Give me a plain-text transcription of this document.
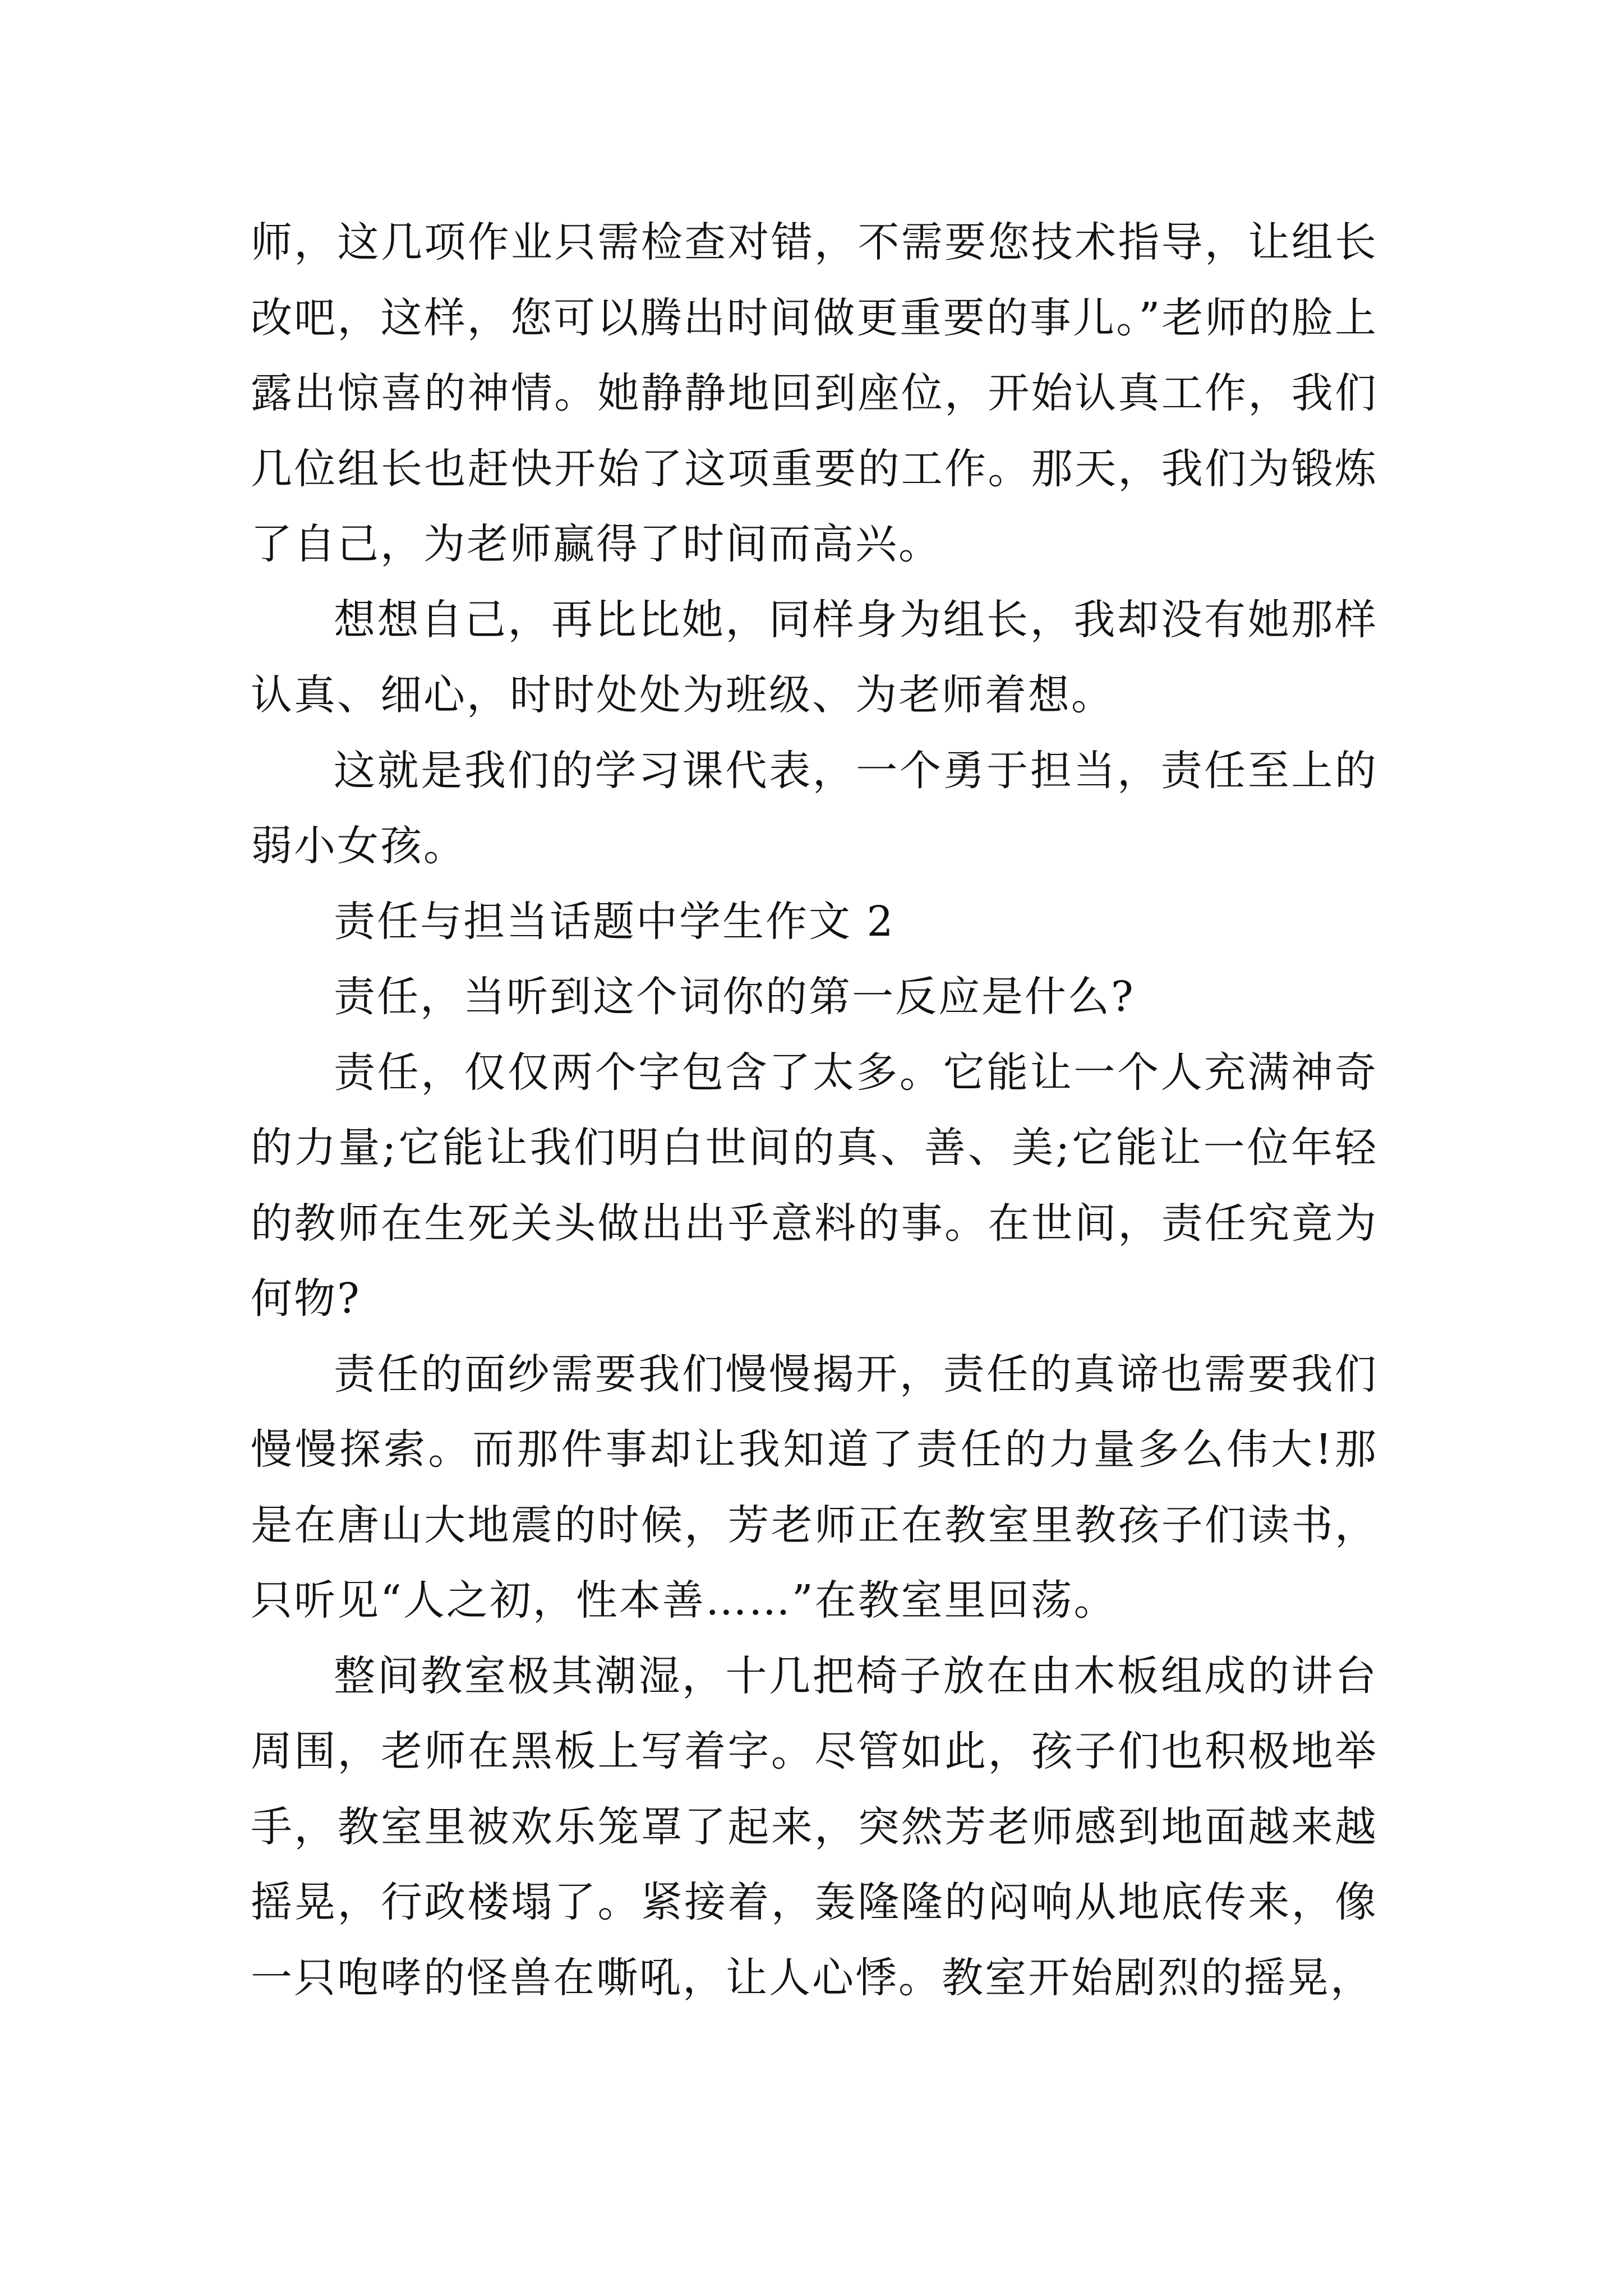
师，这几项作业只需检查对错，不需要您技术指导，让组长改吧，这样，您可以腾出时间做更重要的事儿。”老师的脸上露出惊喜的神情。她静静地回到座位，开始认真工作，我们几位组长也赶快开始了这项重要的工作。那天，我们为锻炼了自己，为老师赢得了时间而高兴。

想想自己，再比比她，同样身为组长，我却没有她那样认真、细心，时时处处为班级、为老师着想。

这就是我们的学习课代表，一个勇于担当，责任至上的弱小女孩。

责任与担当话题中学生作文 2

责任，当听到这个词你的第一反应是什么?

责任，仅仅两个字包含了太多。它能让一个人充满神奇的力量;它能让我们明白世间的真、善、美;它能让一位年轻的教师在生死关头做出出乎意料的事。在世间，责任究竟为何物?

责任的面纱需要我们慢慢揭开，责任的真谛也需要我们慢慢探索。而那件事却让我知道了责任的力量多么伟大!那是在唐山大地震的时候，芳老师正在教室里教孩子们读书，只听见“人之初，性本善……”在教室里回荡。

整间教室极其潮湿，十几把椅子放在由木板组成的讲台周围，老师在黑板上写着字。尽管如此，孩子们也积极地举手，教室里被欢乐笼罩了起来，突然芳老师感到地面越来越摇晃，行政楼塌了。紧接着，轰隆隆的闷响从地底传来，像一只咆哮的怪兽在嘶吼，让人心悸。教室开始剧烈的摇晃，
